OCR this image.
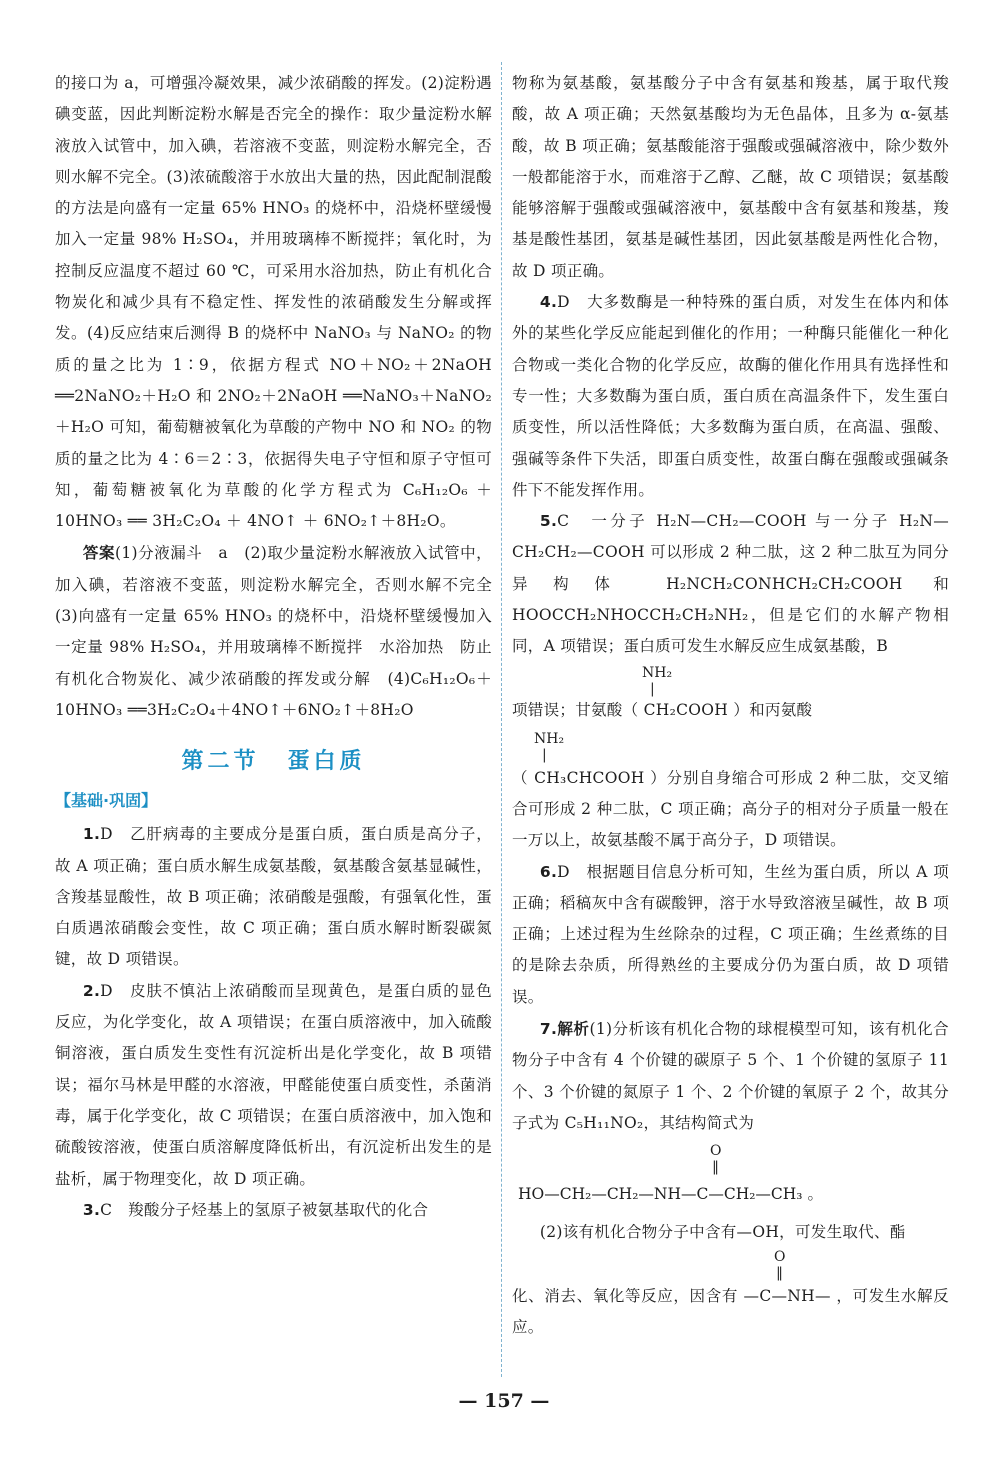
的接口为 a，可增强冷凝效果，减少浓硝酸的挥发。(2)淀粉遇碘变蓝，因此判断淀粉水解是否完全的操作：取少量淀粉水解液放入试管中，加入碘，若溶液不变蓝，则淀粉水解完全，否则水解不完全。(3)浓硫酸溶于水放出大量的热，因此配制混酸的方法是向盛有一定量 65% HNO₃ 的烧杯中，沿烧杯壁缓慢加入一定量 98% H₂SO₄，并用玻璃棒不断搅拌；氧化时，为控制反应温度不超过 60 ℃，可采用水浴加热，防止有机化合物炭化和减少具有不稳定性、挥发性的浓硝酸发生分解或挥发。(4)反应结束后测得 B 的烧杯中 NaNO₃ 与 NaNO₂ 的物质的量之比为 1∶9，依据方程式 NO＋NO₂＋2NaOH ══2NaNO₂＋H₂O 和 2NO₂＋2NaOH ══NaNO₃＋NaNO₂＋H₂O 可知，葡萄糖被氧化为草酸的产物中 NO 和 NO₂ 的物质的量之比为 4∶6＝2∶3，依据得失电子守恒和原子守恒可知，葡萄糖被氧化为草酸的化学方程式为 C₆H₁₂O₆ ＋ 10HNO₃ ══ 3H₂C₂O₄ ＋ 4NO↑ ＋ 6NO₂↑＋8H₂O。

答案(1)分液漏斗　a　(2)取少量淀粉水解液放入试管中，加入碘，若溶液不变蓝，则淀粉水解完全，否则水解不完全　(3)向盛有一定量 65% HNO₃ 的烧杯中，沿烧杯壁缓慢加入一定量 98% H₂SO₄，并用玻璃棒不断搅拌　水浴加热　防止有机化合物炭化、减少浓硝酸的挥发或分解　(4)C₆H₁₂O₆＋10HNO₃ ══3H₂C₂O₄＋4NO↑＋6NO₂↑＋8H₂O

第二节 蛋白质
【基础·巩固】

1.D　乙肝病毒的主要成分是蛋白质，蛋白质是高分子，故 A 项正确；蛋白质水解生成氨基酸，氨基酸含氨基显碱性，含羧基显酸性，故 B 项正确；浓硝酸是强酸，有强氧化性，蛋白质遇浓硝酸会变性，故 C 项正确；蛋白质水解时断裂碳氮键，故 D 项错误。

2.D　皮肤不慎沾上浓硝酸而呈现黄色，是蛋白质的显色反应，为化学变化，故 A 项错误；在蛋白质溶液中，加入硫酸铜溶液，蛋白质发生变性有沉淀析出是化学变化，故 B 项错误；福尔马林是甲醛的水溶液，甲醛能使蛋白质变性，杀菌消毒，属于化学变化，故 C 项错误；在蛋白质溶液中，加入饱和硫酸铵溶液，使蛋白质溶解度降低析出，有沉淀析出发生的是盐析，属于物理变化，故 D 项正确。

3.C　羧酸分子烃基上的氢原子被氨基取代的化合

物称为氨基酸，氨基酸分子中含有氨基和羧基，属于取代羧酸，故 A 项正确；天然氨基酸均为无色晶体，且多为 α-氨基酸，故 B 项正确；氨基酸能溶于强酸或强碱溶液中，除少数外一般都能溶于水，而难溶于乙醇、乙醚，故 C 项错误；氨基酸能够溶解于强酸或强碱溶液中，氨基酸中含有氨基和羧基，羧基是酸性基团，氨基是碱性基团，因此氨基酸是两性化合物，故 D 项正确。

4.D　大多数酶是一种特殊的蛋白质，对发生在体内和体外的某些化学反应能起到催化的作用；一种酶只能催化一种化合物或一类化合物的化学反应，故酶的催化作用具有选择性和专一性；大多数酶为蛋白质，蛋白质在高温条件下，发生蛋白质变性，所以活性降低；大多数酶为蛋白质，在高温、强酸、强碱等条件下失活，即蛋白质变性，故蛋白酶在强酸或强碱条件下不能发挥作用。

5.C　一分子 H₂N—CH₂—COOH 与一分子 H₂N—CH₂CH₂—COOH 可以形成 2 种二肽，这 2 种二肽互为同分异构体 H₂NCH₂CONHCH₂CH₂COOH 和 HOOCCH₂NHOCCH₂CH₂NH₂，但是它们的水解产物相同，A 项错误；蛋白质可发生水解反应生成氨基酸，B

NH₂
|

项错误；甘氨酸（ CH₂COOH ）和丙氨酸

NH₂
|

（ CH₃CHCOOH ）分别自身缩合可形成 2 种二肽，交叉缩合可形成 2 种二肽，C 项正确；高分子的相对分子质量一般在一万以上，故氨基酸不属于高分子，D 项错误。

6.D　根据题目信息分析可知，生丝为蛋白质，所以 A 项正确；稻稿灰中含有碳酸钾，溶于水导致溶液呈碱性，故 B 项正确；上述过程为生丝除杂的过程，C 项正确；生丝煮练的目的是除去杂质，所得熟丝的主要成分仍为蛋白质，故 D 项错误。

7.解析(1)分析该有机化合物的球棍模型可知，该有机化合物分子中含有 4 个价键的碳原子 5 个、1 个价键的氢原子 11 个、3 个价键的氮原子 1 个、2 个价键的氧原子 2 个，故其分子式为 C₅H₁₁NO₂，其结构简式为

O
‖
HO—CH₂—CH₂—NH—C—CH₂—CH₃ 。

(2)该有机化合物分子中含有—OH，可发生取代、酯

O
‖

化、消去、氧化等反应，因含有 —C—NH— ，可发生水解反应。

— 157 —
